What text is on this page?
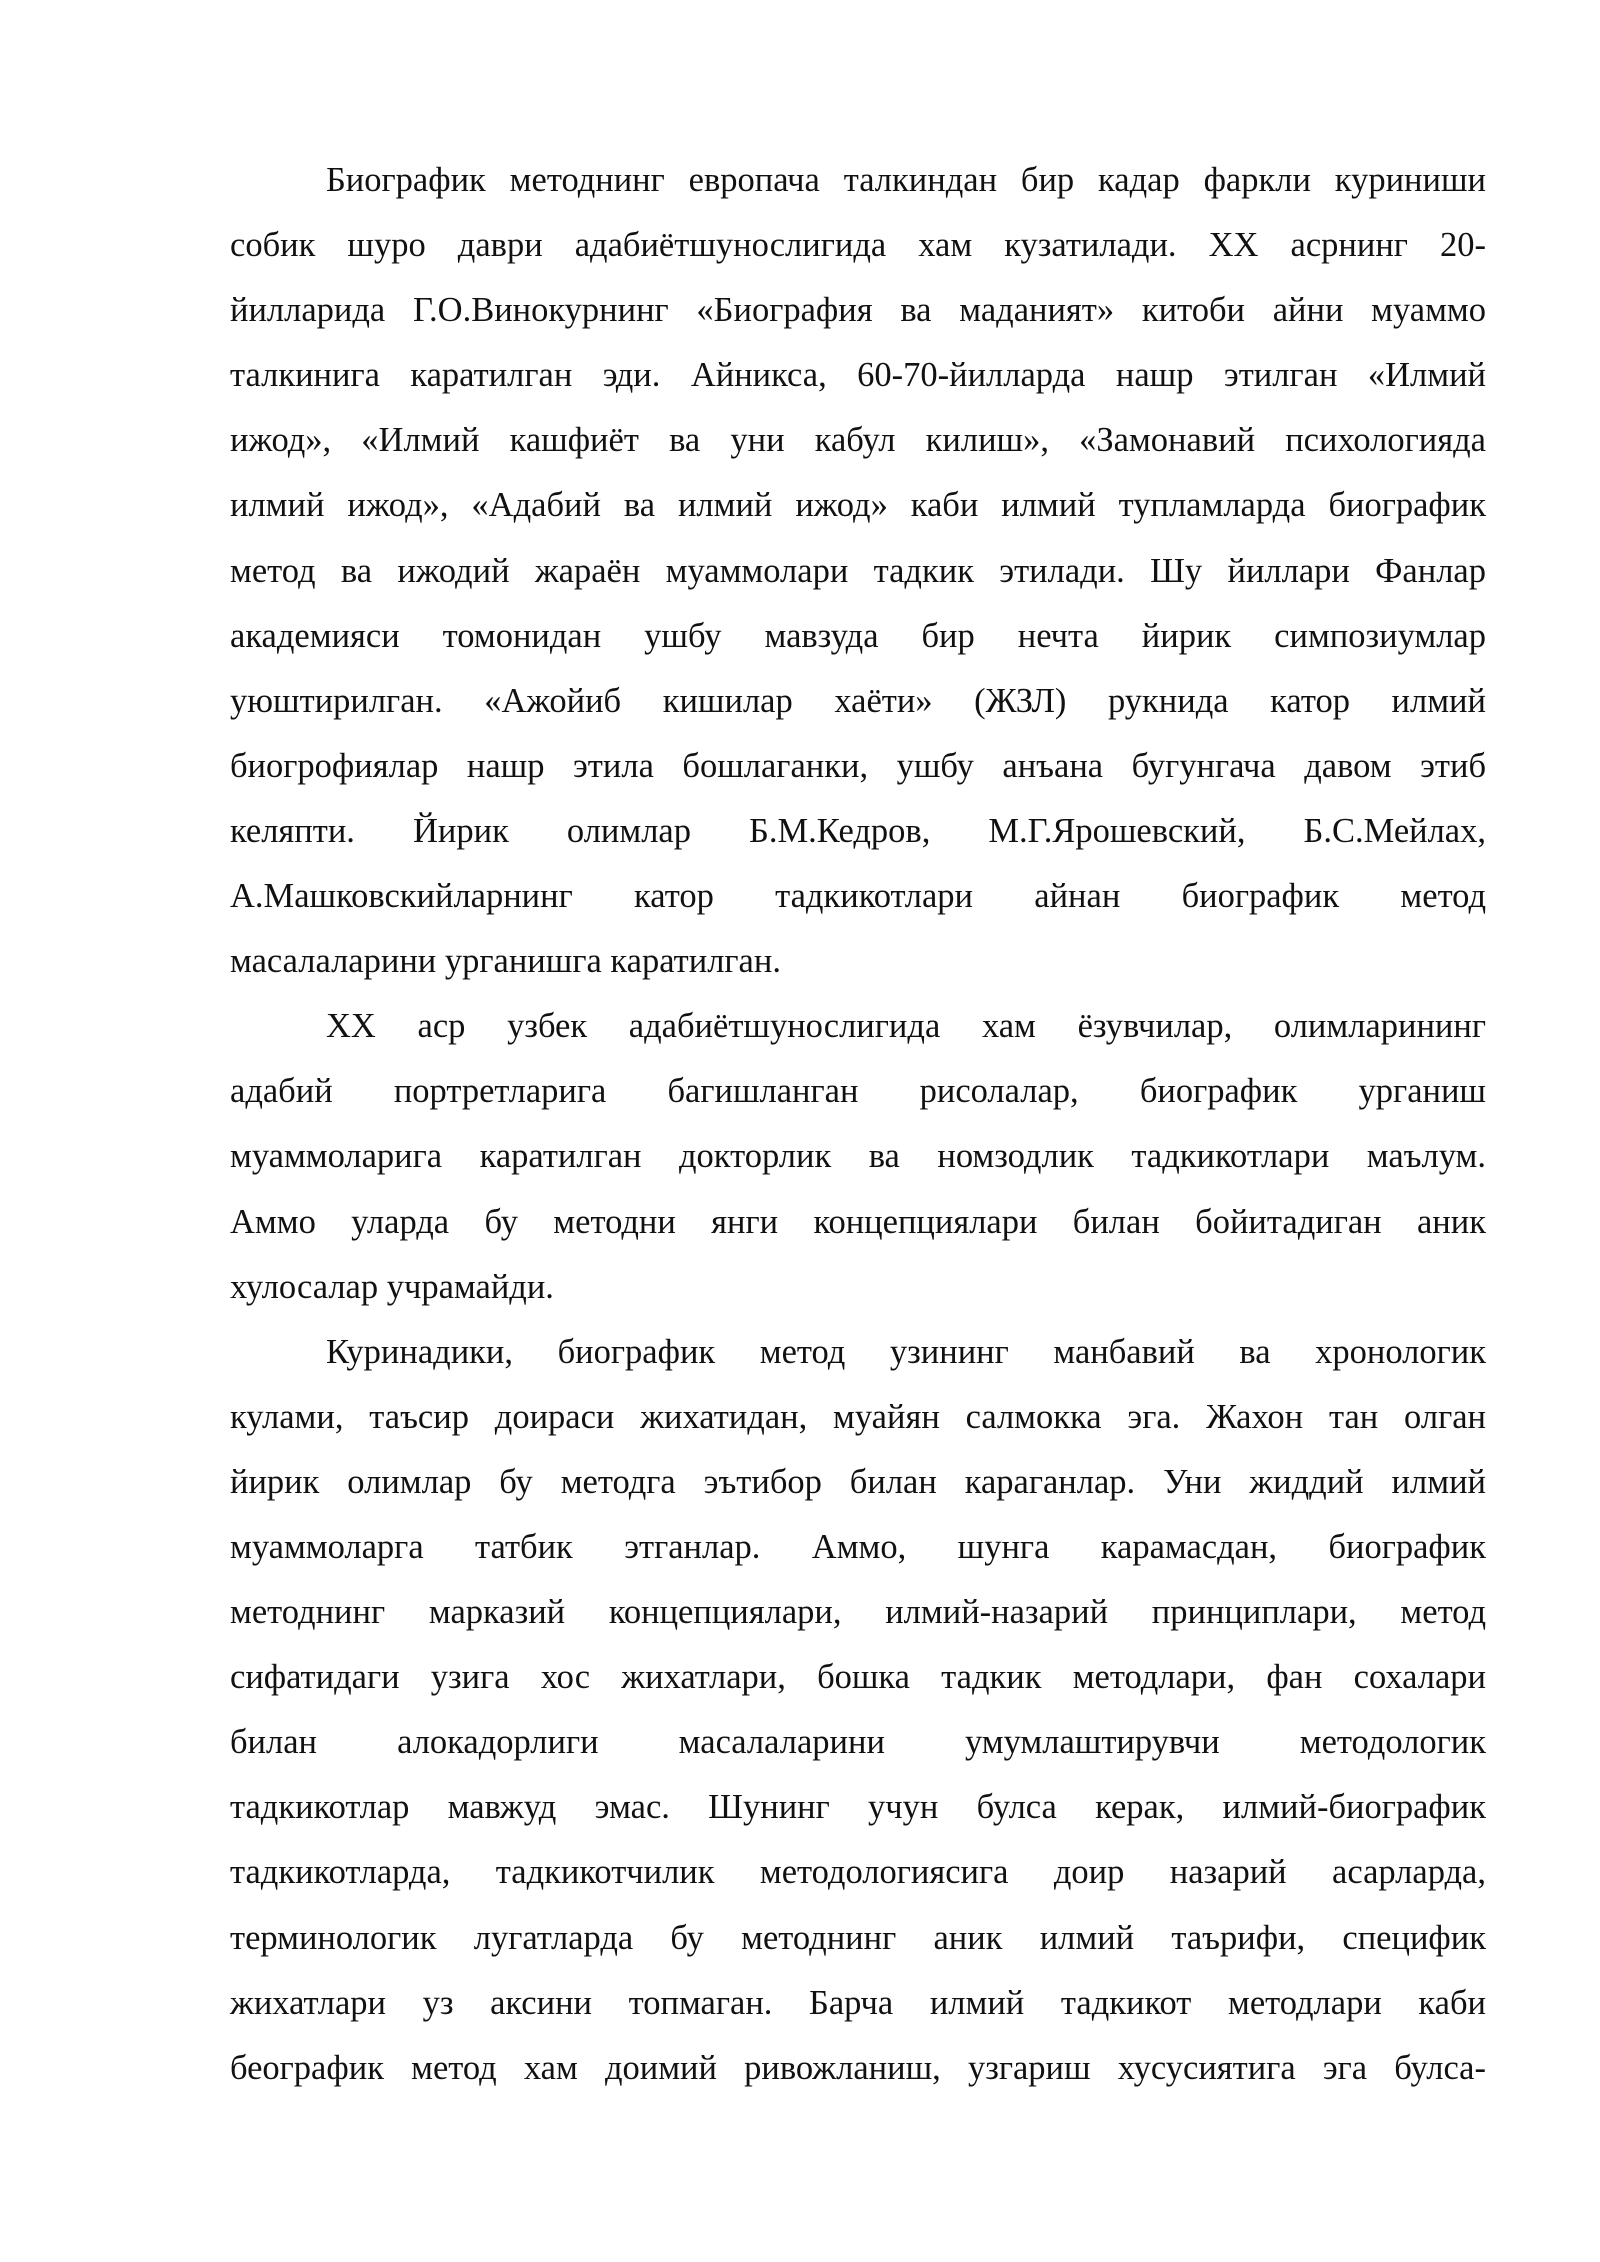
Биографик методнинг европача талкиндан бир кадар фаркли куриниши
собик шуро даври адабиётшунослигида хам кузатилади. ХХ асрнинг 20-
йилларида Г.О.Винокурнинг «Биография ва маданият» китоби айни муаммо
талкинига каратилган эди. Айникса, 60-70-йилларда нашр этилган «Илмий
ижод», «Илмий кашфиёт ва уни кабул килиш», «Замонавий психологияда
илмий ижод», «Адабий ва илмий ижод» каби илмий тупламларда биографик
метод ва ижодий жараён муаммолари тадкик этилади. Шу йиллари Фанлар
академияси томонидан ушбу мавзуда бир нечта йирик симпозиумлар
уюштирилган. «Ажойиб кишилар хаёти» (ЖЗЛ) рукнида катор илмий
биогрофиялар нашр этила бошлаганки, ушбу анъана бугунгача давом этиб
келяпти. Йирик олимлар Б.М.Кедров, М.Г.Ярошевский, Б.С.Мейлах,
А.Машковскийларнинг катор тадкикотлари айнан биографик метод
масалаларини урганишга каратилган.
ХХ аср узбек адабиётшунослигида хам ёзувчилар, олимларининг
адабий портретларига багишланган рисолалар, биографик урганиш
муаммоларига каратилган докторлик ва номзодлик тадкикотлари маълум.
Аммо уларда бу методни янги концепциялари билан бойитадиган аник
хулосалар учрамайди.
Куринадики, биографик метод узининг манбавий ва хронологик
кулами, таъсир доираси жихатидан, муайян салмокка эга. Жахон тан олган
йирик олимлар бу методга эътибор билан караганлар. Уни жиддий илмий
муаммоларга татбик этганлар. Аммо, шунга карамасдан, биографик
методнинг марказий концепциялари, илмий-назарий принциплари, метод
сифатидаги узига хос жихатлари, бошка тадкик методлари, фан сохалари
билан алокадорлиги масалаларини умумлаштирувчи методологик
тадкикотлар мавжуд эмас. Шунинг учун булса керак, илмий-биографик
тадкикотларда, тадкикотчилик методологиясига доир назарий асарларда,
терминологик лугатларда бу методнинг аник илмий таърифи, специфик
жихатлари уз аксини топмаган. Барча илмий тадкикот методлари каби
беографик метод хам доимий ривожланиш, узгариш хусусиятига эга булса-
